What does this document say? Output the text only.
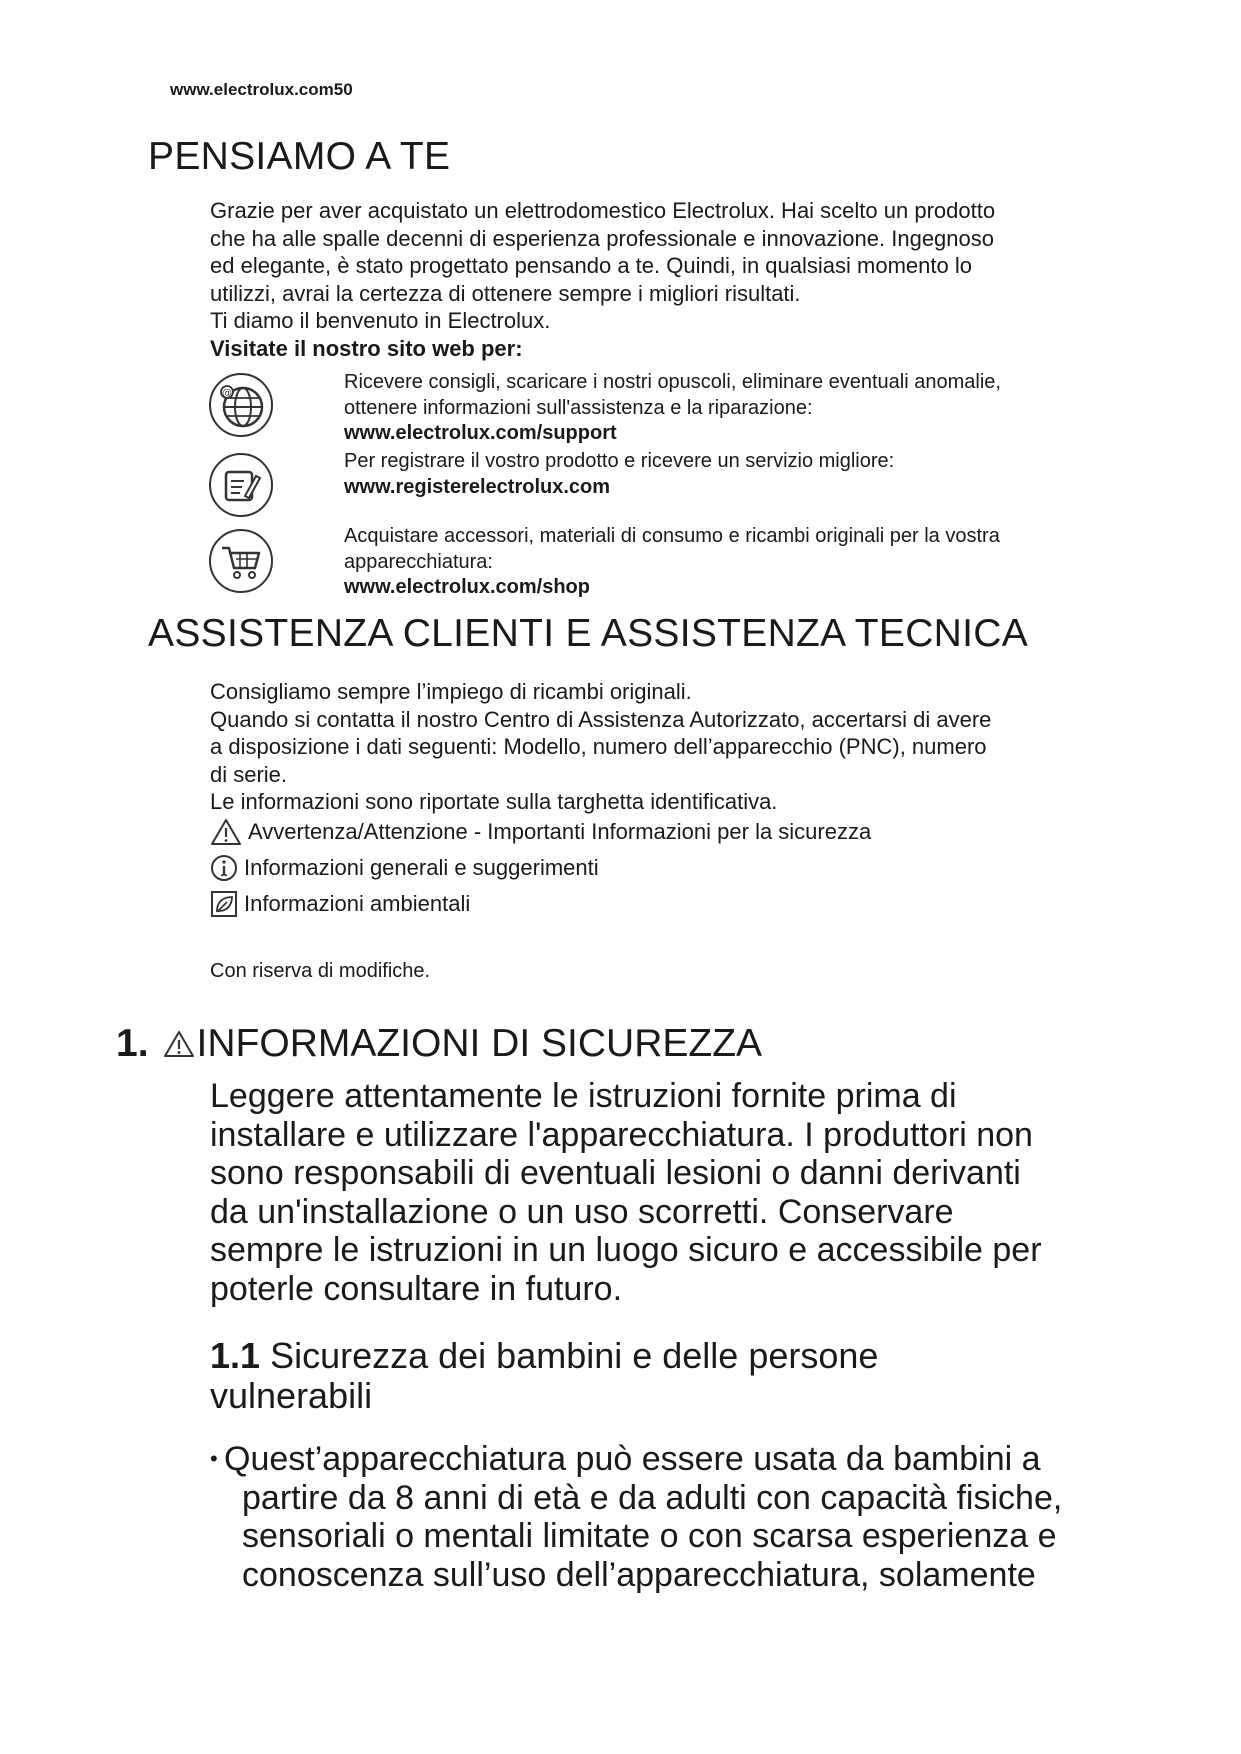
www.electrolux.com50
PENSIAMO A TE

Grazie per aver acquistato un elettrodomestico Electrolux. Hai scelto un prodotto

che ha alle spalle decenni di esperienza professionale e innovazione. Ingegnoso

ed elegante, è stato progettato pensando a te. Quindi, in qualsiasi momento lo

utilizzi, avrai la certezza di ottenere sempre i migliori risultati.

Ti diamo il benvenuto in Electrolux.

Visitate il nostro sito web per:

@

Ricevere consigli, scaricare i nostri opuscoli, eliminare eventuali anomalie,

ottenere informazioni sull'assistenza e la riparazione:

www.electrolux.com/support

Per registrare il vostro prodotto e ricevere un servizio migliore:

www.registerelectrolux.com

Acquistare accessori, materiali di consumo e ricambi originali per la vostra

apparecchiatura:

www.electrolux.com/shop

ASSISTENZA CLIENTI E ASSISTENZA TECNICA

Consigliamo sempre l’impiego di ricambi originali.

Quando si contatta il nostro Centro di Assistenza Autorizzato, accertarsi di avere

a disposizione i dati seguenti: Modello, numero dell’apparecchio (PNC), numero

di serie.

Le informazioni sono riportate sulla targhetta identificativa.

Avvertenza/Attenzione - Importanti Informazioni per la sicurezza
Informazioni generali e suggerimenti
Informazioni ambientali
Con riserva di modifiche.
1. INFORMAZIONI DI SICUREZZA
Leggere attentamente le istruzioni fornite prima di
installare e utilizzare l'apparecchiatura. I produttori non
sono responsabili di eventuali lesioni o danni derivanti
da un'installazione o un uso scorretti. Conservare
sempre le istruzioni in un luogo sicuro e accessibile per
poterle consultare in futuro.
1.1 Sicurezza dei bambini e delle persone
vulnerabili
• Quest’apparecchiatura può essere usata da bambini a
partire da 8 anni di età e da adulti con capacità fisiche,
sensoriali o mentali limitate o con scarsa esperienza e
conoscenza sull’uso dell’apparecchiatura, solamente
